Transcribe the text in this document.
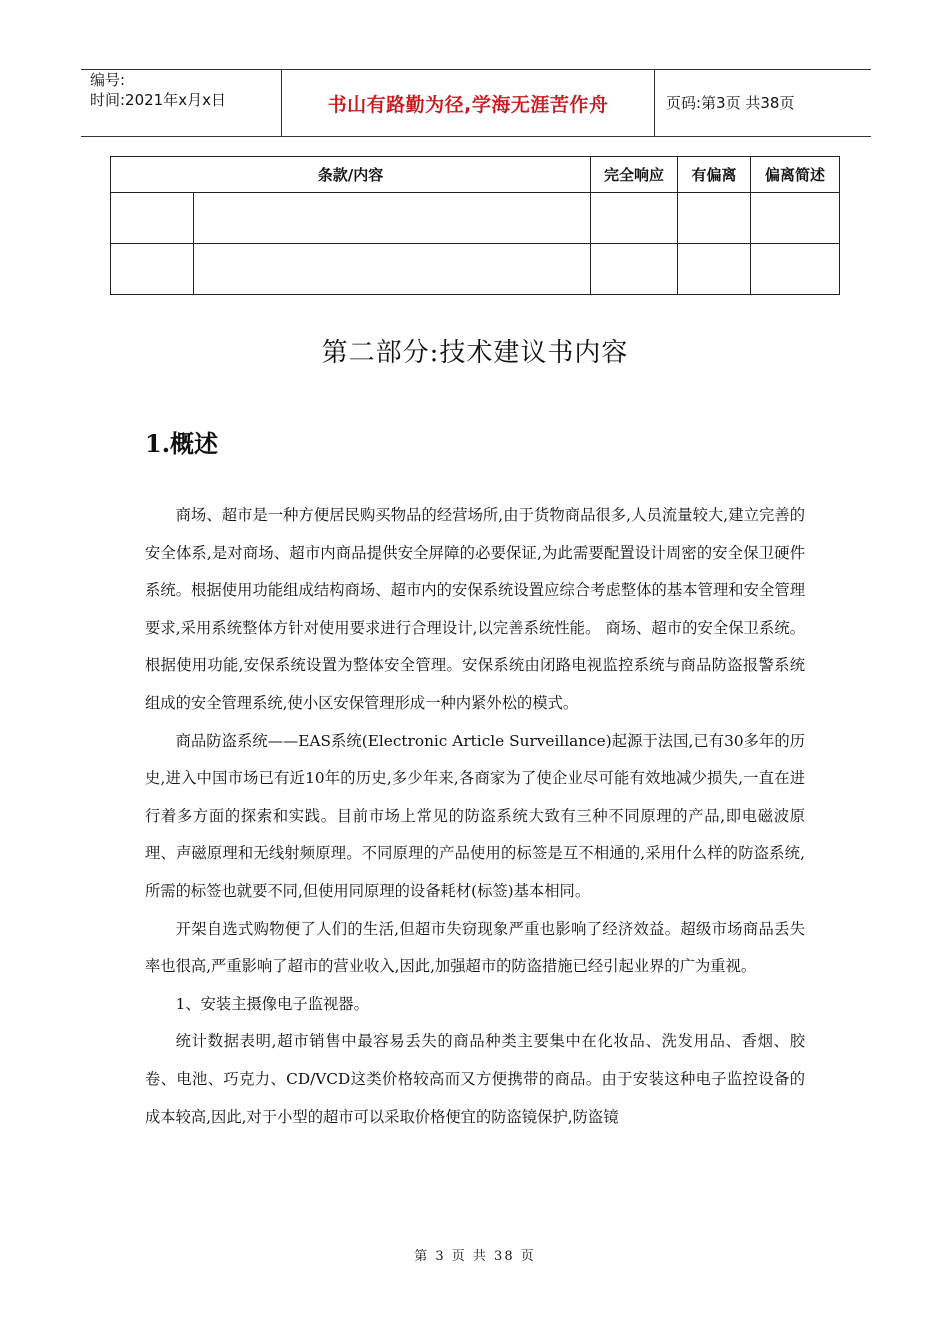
编号:
时间:2021年x月x日	书山有路勤为径,学海无涯苦作舟	页码:第3页 共38页
条款/内容		完全响应	有偏离	偏离简述

第二部分:技术建议书内容
1.概述

商场、超市是一种方便居民购买物品的经营场所,由于货物商品很多,人员流量较大,建立完善的安全体系,是对商场、超市内商品提供安全屏障的必要保证,为此需要配置设计周密的安全保卫硬件系统。根据使用功能组成结构商场、超市内的安保系统设置应综合考虑整体的基本管理和安全管理要求,采用系统整体方针对使用要求进行合理设计,以完善系统性能。 商场、超市的安全保卫系统。根据使用功能,安保系统设置为整体安全管理。安保系统由闭路电视监控系统与商品防盗报警系统组成的安全管理系统,使小区安保管理形成一种内紧外松的模式。

商品防盗系统——EAS系统(Electronic Article Surveillance)起源于法国,已有30多年的历史,进入中国市场已有近10年的历史,多少年来,各商家为了使企业尽可能有效地减少损失,一直在进行着多方面的探索和实践。目前市场上常见的防盗系统大致有三种不同原理的产品,即电磁波原理、声磁原理和无线射频原理。不同原理的产品使用的标签是互不相通的,采用什么样的防盗系统,所需的标签也就要不同,但使用同原理的设备耗材(标签)基本相同。

开架自选式购物便了人们的生活,但超市失窃现象严重也影响了经济效益。超级市场商品丢失率也很高,严重影响了超市的营业收入,因此,加强超市的防盗措施已经引起业界的广为重视。

1、安装主摄像电子监视器。

统计数据表明,超市销售中最容易丢失的商品种类主要集中在化妆品、洗发用品、香烟、胶卷、电池、巧克力、CD/VCD这类价格较高而又方便携带的商品。由于安装这种电子监控设备的成本较高,因此,对于小型的超市可以采取价格便宜的防盗镜保护,防盗镜

第 3 页 共 38 页
